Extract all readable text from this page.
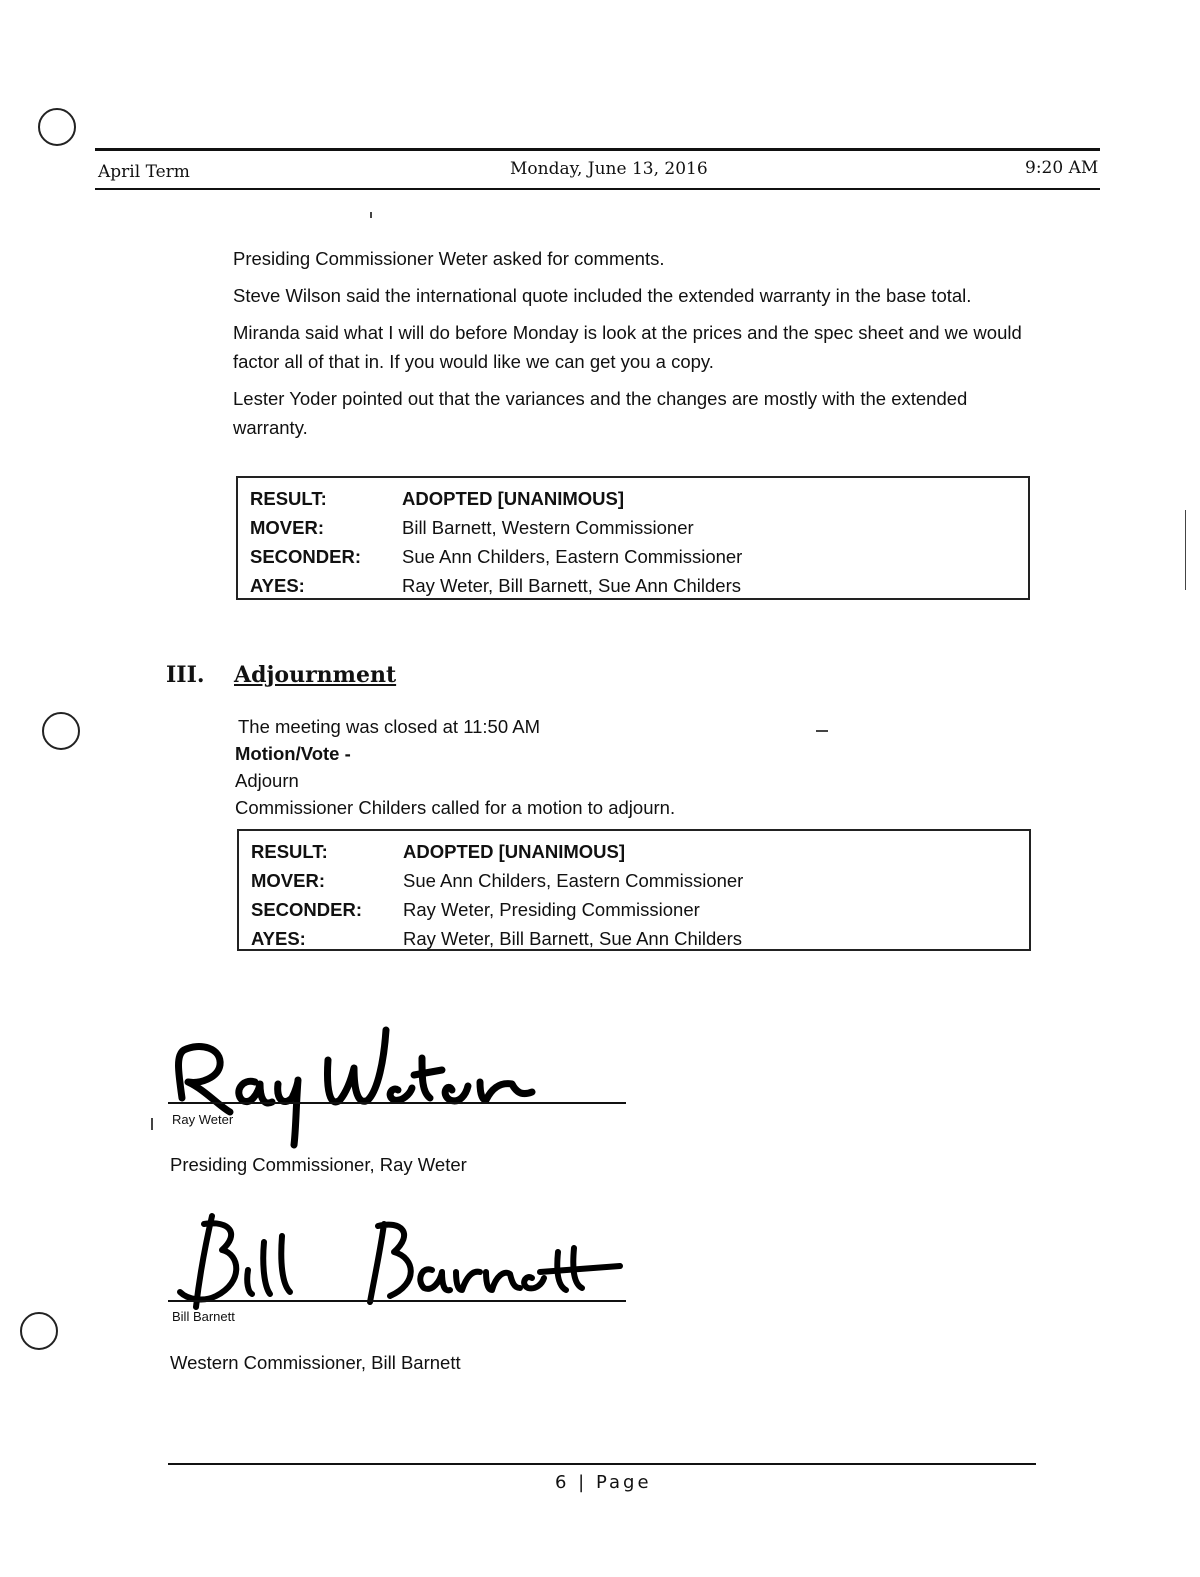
April Term	Monday, June 13, 2016	9:20 AM

Presiding Commissioner Weter asked for comments.

Steve Wilson said the international quote included the extended warranty in the base total.

Miranda said what I will do before Monday is look at the prices and the spec sheet and we would factor all of that in. If you would like we can get you a copy.

Lester Yoder pointed out that the variances and the changes are mostly with the extended warranty.

RESULT:	ADOPTED [UNANIMOUS]
MOVER:	Bill Barnett, Western Commissioner
SECONDER:	Sue Ann Childers, Eastern Commissioner
AYES:	Ray Weter, Bill Barnett, Sue Ann Childers
III. Adjournment
The meeting was closed at 11:50 AM
Motion/Vote -
Adjourn
Commissioner Childers called for a motion to adjourn.
RESULT:	ADOPTED [UNANIMOUS]
MOVER:	Sue Ann Childers, Eastern Commissioner
SECONDER:	Ray Weter, Presiding Commissioner
AYES:	Ray Weter, Bill Barnett, Sue Ann Childers
Ray Weter
Presiding Commissioner, Ray Weter
Bill Barnett
Western Commissioner, Bill Barnett
6 | Page
